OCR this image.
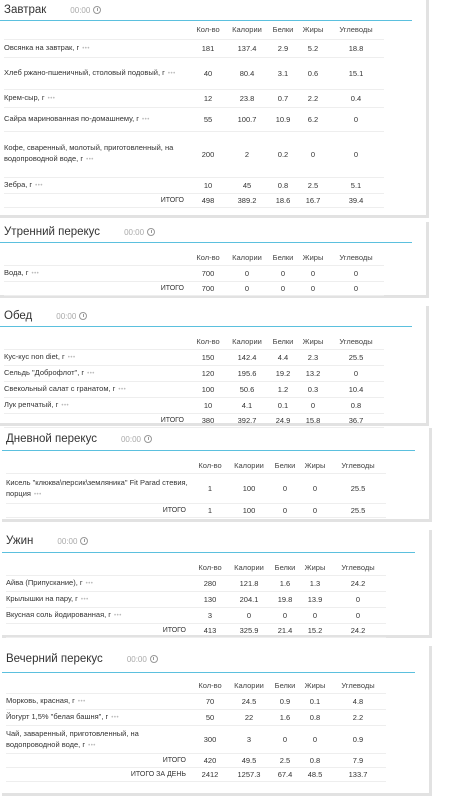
Завтрак	00:00
	Кол-во	Калории	Белки	Жиры	Углеводы
Овсянка на завтрак, г •••	181	137.4	2.9	5.2	18.8
Хлеб ржано-пшеничный, столовый подовый, г •••	40	80.4	3.1	0.6	15.1
Крем-сыр, г •••	12	23.8	0.7	2.2	0.4
Сайра маринованная по-домашнему, г •••	55	100.7	10.9	6.2	0
Кофе, сваренный, молотый, приготовленный, на водопроводной воде, г •••	200	2	0.2	0	0
Зебра, г •••	10	45	0.8	2.5	5.1
ИТОГО	498	389.2	18.6	16.7	39.4
Утренний перекус	00:00
	Кол-во	Калории	Белки	Жиры	Углеводы
Вода, г •••	700	0	0	0	0
ИТОГО	700	0	0	0	0
Обед	00:00
	Кол-во	Калории	Белки	Жиры	Углеводы
Кус-кус non diet, г •••	150	142.4	4.4	2.3	25.5
Сельдь "Доброфлот", г •••	120	195.6	19.2	13.2	0
Свекольный салат с гранатом, г •••	100	50.6	1.2	0.3	10.4
Лук репчатый, г •••	10	4.1	0.1	0	0.8
ИТОГО	380	392.7	24.9	15.8	36.7
Дневной перекус	00:00
	Кол-во	Калории	Белки	Жиры	Углеводы
Кисель "клюква\персик\земляника" Fit Parad стевия, порция •••	1	100	0	0	25.5
ИТОГО	1	100	0	0	25.5
Ужин	00:00
	Кол-во	Калории	Белки	Жиры	Углеводы
Айва (Припускание), г •••	280	121.8	1.6	1.3	24.2
Крылышки на пару, г •••	130	204.1	19.8	13.9	0
Вкусная соль йодированная, г •••	3	0	0	0	0
ИТОГО	413	325.9	21.4	15.2	24.2
Вечерний перекус	00:00
	Кол-во	Калории	Белки	Жиры	Углеводы
Морковь, красная, г •••	70	24.5	0.9	0.1	4.8
Йогурт 1,5% "белая башня", г •••	50	22	1.6	0.8	2.2
Чай, заваренный, приготовленный, на водопроводной воде, г •••	300	3	0	0	0.9
ИТОГО	420	49.5	2.5	0.8	7.9
ИТОГО ЗА ДЕНЬ	2412	1257.3	67.4	48.5	133.7
